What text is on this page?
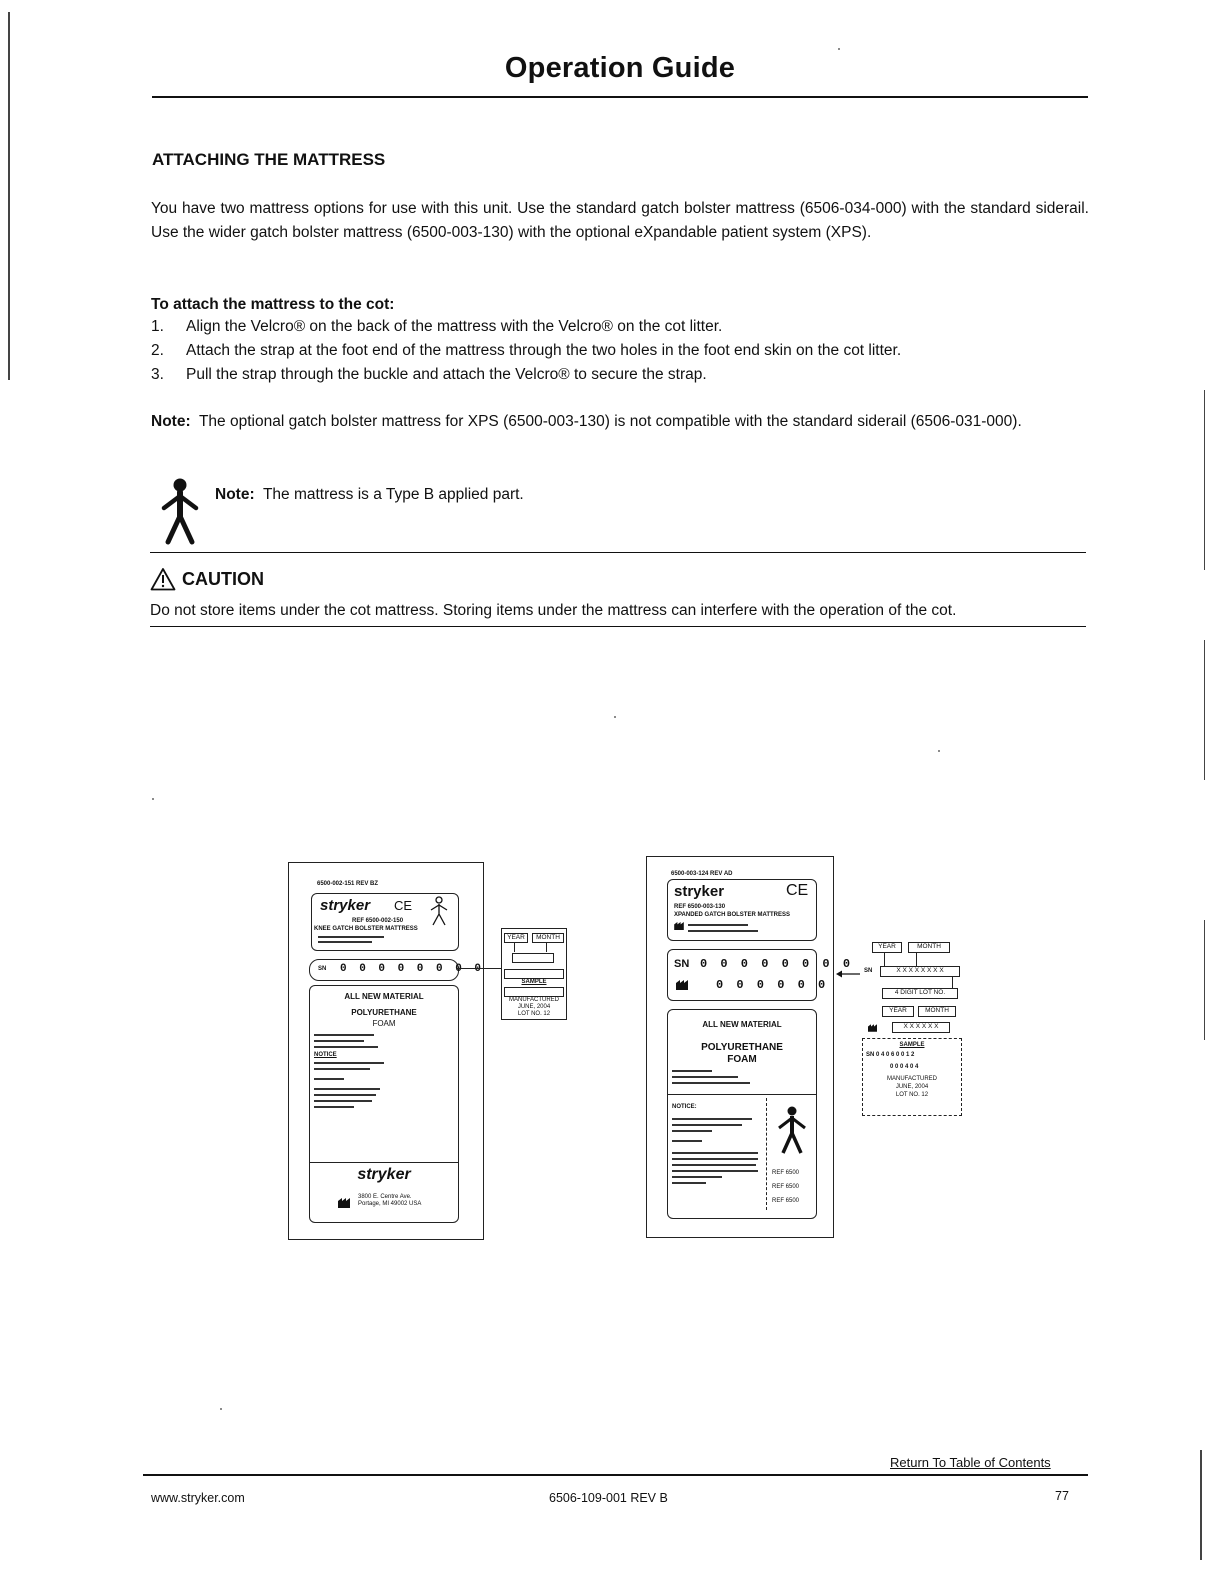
Operation Guide
ATTACHING THE MATTRESS
You have two mattress options for use with this unit. Use the standard gatch bolster mattress (6506-034-000) with the standard siderail. Use the wider gatch bolster mattress (6500-003-130) with the optional eXpandable patient system (XPS).
To attach the mattress to the cot:
1. Align the Velcro® on the back of the mattress with the Velcro® on the cot litter.
2. Attach the strap at the foot end of the mattress through the two holes in the foot end skin on the cot litter.
3. Pull the strap through the buckle and attach the Velcro® to secure the strap.
Note: The optional gatch bolster mattress for XPS (6500-003-130) is not compatible with the standard siderail (6506-031-000).
Note: The mattress is a Type B applied part.
CAUTION
Do not store items under the cot mattress. Storing items under the mattress can interfere with the operation of the cot.
6500-002-151 REV BZ
stryker CE
REF 6500-002-150
KNEE GATCH BOLSTER MATTRESS
SN 0 0 0 0 0 0 0 0
ALL NEW MATERIAL
POLYURETHANE
FOAM
NOTICE
stryker
3800 E. Centre Ave. Portage, MI 49002 USA
YEAR	MONTH
SAMPLE
MANUFACTURED
JUNE, 2004
LOT NO. 12
6500-003-124 REV AD
stryker	CE
REF 6500-003-130
XPANDED GATCH BOLSTER MATTRESS
SN 0 0 0 0 0 0 0 0
0 0 0 0 0 0
ALL NEW MATERIAL
POLYURETHANE
FOAM
NOTICE:
REF 6500
REF 6500
REF 6500
YEAR	MONTH
SN	X X X X X X X X
4 DIGIT LOT NO.
YEAR	MONTH
X X X X X X
SAMPLE
SN 0 4 0 6 0 0 1 2
0 0 0 4 0 4
MANUFACTURED
JUNE, 2004
LOT NO. 12
Return To Table of Contents
www.stryker.com	6506-109-001 REV B	77
